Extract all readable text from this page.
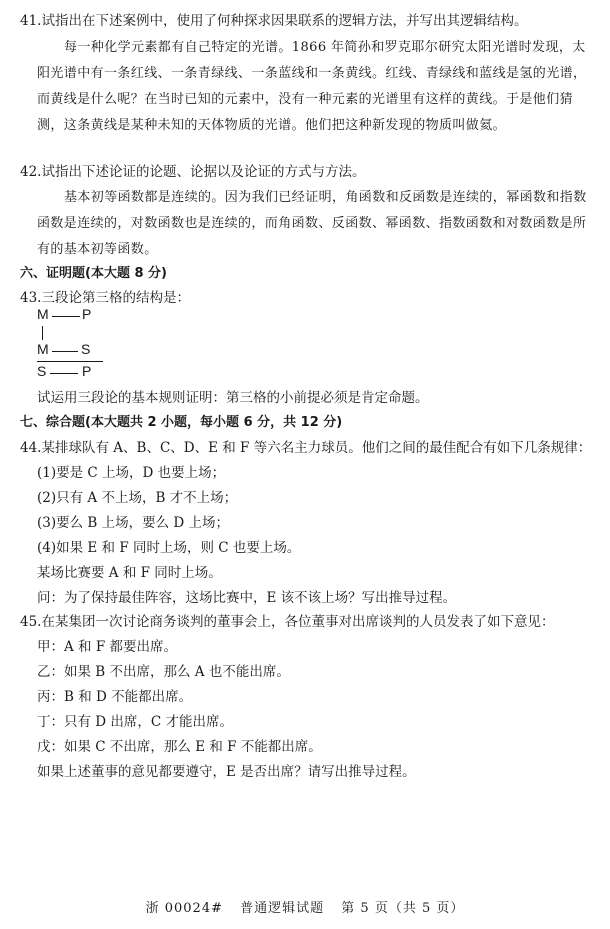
41.试指出在下述案例中，使用了何种探求因果联系的逻辑方法，并写出其逻辑结构。
每一种化学元素都有自己特定的光谱。1866 年简孙和罗克耶尔研究太阳光谱时发现，太阳光谱中有一条红线、一条青绿线、一条蓝线和一条黄线。红线、青绿线和蓝线是氢的光谱，而黄线是什么呢？在当时已知的元素中，没有一种元素的光谱里有这样的黄线。于是他们猜测，这条黄线是某种未知的天体物质的光谱。他们把这种新发现的物质叫做氦。
42.试指出下述论证的论题、论据以及论证的方式与方法。
基本初等函数都是连续的。因为我们已经证明，角函数和反函数是连续的，幂函数和指数函数是连续的，对数函数也是连续的，而角函数、反函数、幂函数、指数函数和对数函数是所有的基本初等函数。
六、证明题(本大题 8 分)
43.三段论第三格的结构是：
M P
M S
S	P
试运用三段论的基本规则证明：第三格的小前提必须是肯定命题。
七、综合题(本大题共 2 小题，每小题 6 分，共 12 分)
44.某排球队有 A、B、C、D、E 和 F 等六名主力球员。他们之间的最佳配合有如下几条规律：
(1)要是 C 上场，D 也要上场；
(2)只有 A 不上场，B 才不上场；
(3)要么 B 上场，要么 D 上场；
(4)如果 E 和 F 同时上场，则 C 也要上场。
某场比赛要 A 和 F 同时上场。
问：为了保持最佳阵容，这场比赛中，E 该不该上场？写出推导过程。
45.在某集团一次讨论商务谈判的董事会上，各位董事对出席谈判的人员发表了如下意见：
甲：A 和 F 都要出席。
乙：如果 B 不出席，那么 A 也不能出席。
丙：B 和 D 不能都出席。
丁：只有 D 出席，C 才能出席。
戊：如果 C 不出席，那么 E 和 F 不能都出席。
如果上述董事的意见都要遵守，E 是否出席？请写出推导过程。
浙 00024# 普通逻辑试题 第 5 页（共 5 页）
